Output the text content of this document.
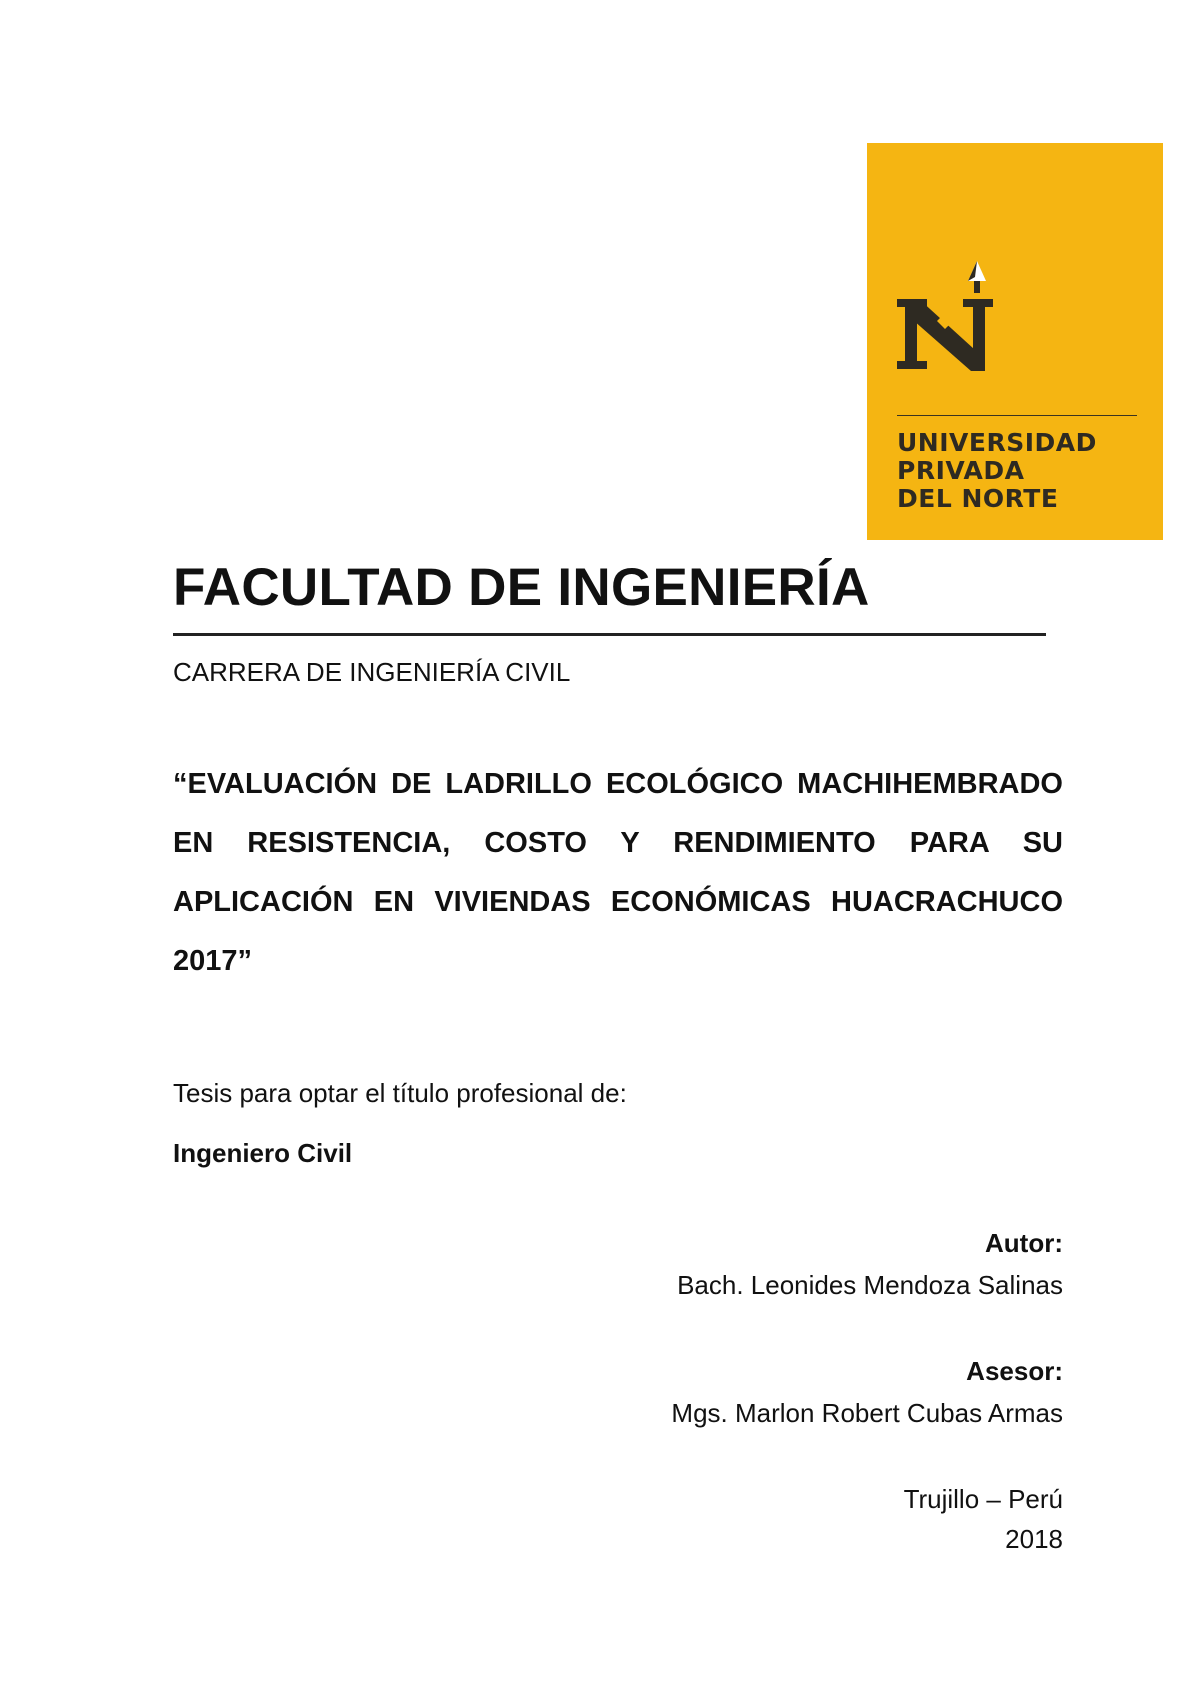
UNIVERSIDAD
PRIVADA
DEL NORTE
FACULTAD DE INGENIERÍA
CARRERA DE INGENIERÍA CIVIL
“EVALUACIÓN DE LADRILLO ECOLÓGICO MACHIHEMBRADO EN RESISTENCIA, COSTO Y RENDIMIENTO PARA SU APLICACIÓN EN VIVIENDAS ECONÓMICAS HUACRACHUCO 2017”
Tesis para optar el título profesional de:
Ingeniero Civil
Autor:
Bach. Leonides Mendoza Salinas
Asesor:
Mgs. Marlon Robert Cubas Armas
Trujillo – Perú
2018
